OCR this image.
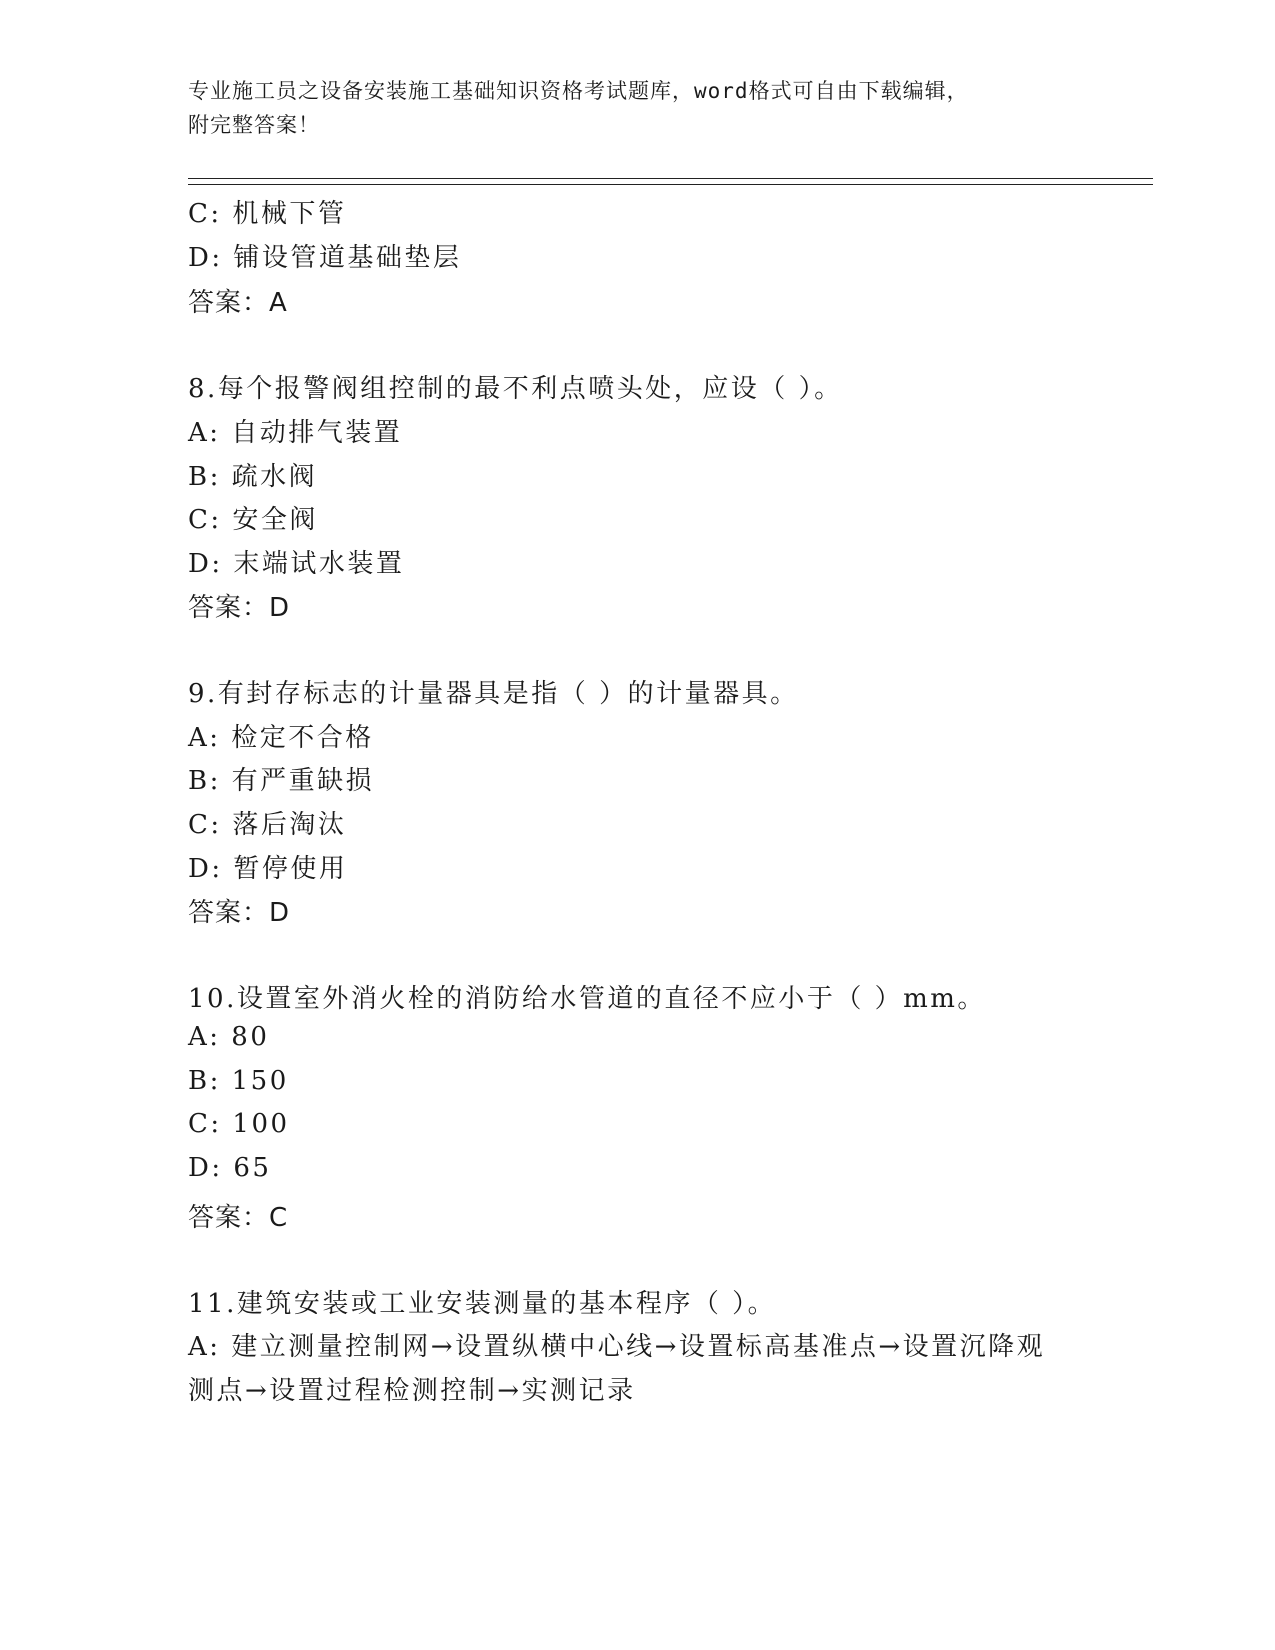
专业施工员之设备安装施工基础知识资格考试题库，word格式可自由下载编辑，
附完整答案！
C: 机械下管
D: 铺设管道基础垫层
答案：A
8.每个报警阀组控制的最不利点喷头处，应设（ ）。
A: 自动排气装置
B: 疏水阀
C: 安全阀
D: 末端试水装置
答案：D
9.有封存标志的计量器具是指（ ）的计量器具。
A: 检定不合格
B: 有严重缺损
C: 落后淘汰
D: 暂停使用
答案：D
10.设置室外消火栓的消防给水管道的直径不应小于（ ）mm。
A: 80
B: 150
C: 100
D: 65
答案：C
11.建筑安装或工业安装测量的基本程序（ ）。
A: 建立测量控制网→设置纵横中心线→设置标高基准点→设置沉降观
测点→设置过程检测控制→实测记录
